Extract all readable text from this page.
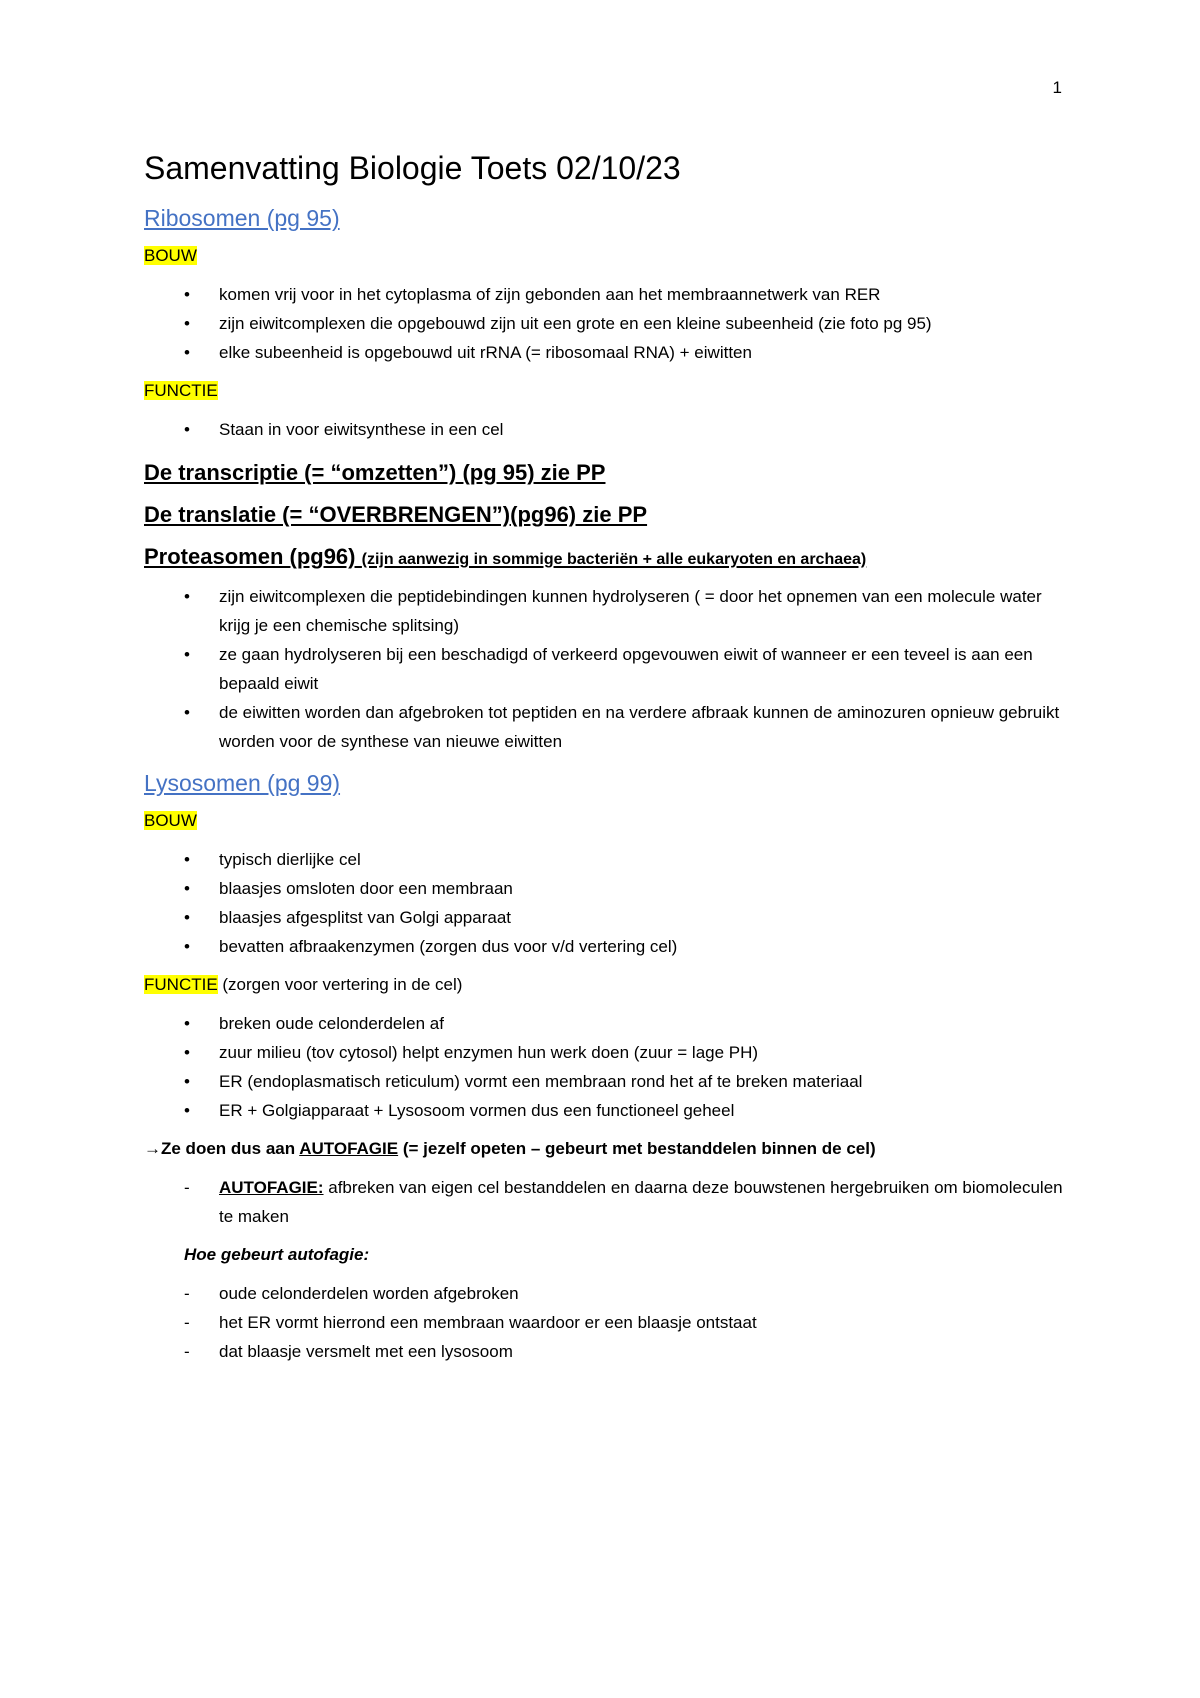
1
Samenvatting Biologie Toets 02/10/23
Ribosomen (pg 95)

BOUW

• komen vrij voor in het cytoplasma of zijn gebonden aan het membraannetwerk van RER
• zijn eiwitcomplexen die opgebouwd zijn uit een grote en een kleine subeenheid (zie foto pg 95)
• elke subeenheid is opgebouwd uit rRNA (= ribosomaal RNA) + eiwitten

FUNCTIE

• Staan in voor eiwitsynthese in een cel
De transcriptie (= “omzetten”) (pg 95) zie PP
De translatie (= “OVERBRENGEN”)(pg96) zie PP
Proteasomen (pg96) (zijn aanwezig in sommige bacteriën + alle eukaryoten en archaea)
• zijn eiwitcomplexen die peptidebindingen kunnen hydrolyseren ( = door het opnemen van een molecule water krijg je een chemische splitsing)
• ze gaan hydrolyseren bij een beschadigd of verkeerd opgevouwen eiwit of wanneer er een teveel is aan een bepaald eiwit
• de eiwitten worden dan afgebroken tot peptiden en na verdere afbraak kunnen de aminozuren opnieuw gebruikt worden voor de synthese van nieuwe eiwitten
Lysosomen (pg 99)

BOUW

• typisch dierlijke cel
• blaasjes omsloten door een membraan
• blaasjes afgesplitst van Golgi apparaat
• bevatten afbraakenzymen (zorgen dus voor v/d vertering cel)

FUNCTIE (zorgen voor vertering in de cel)

• breken oude celonderdelen af
• zuur milieu (tov cytosol) helpt enzymen hun werk doen (zuur = lage PH)
• ER (endoplasmatisch reticulum) vormt een membraan rond het af te breken materiaal
• ER + Golgiapparaat + Lysosoom vormen dus een functioneel geheel

→Ze doen dus aan AUTOFAGIE (= jezelf opeten – gebeurt met bestanddelen binnen de cel)

- AUTOFAGIE: afbreken van eigen cel bestanddelen en daarna deze bouwstenen hergebruiken om biomoleculen te maken

Hoe gebeurt autofagie:

- oude celonderdelen worden afgebroken
- het ER vormt hierrond een membraan waardoor er een blaasje ontstaat
- dat blaasje versmelt met een lysosoom
